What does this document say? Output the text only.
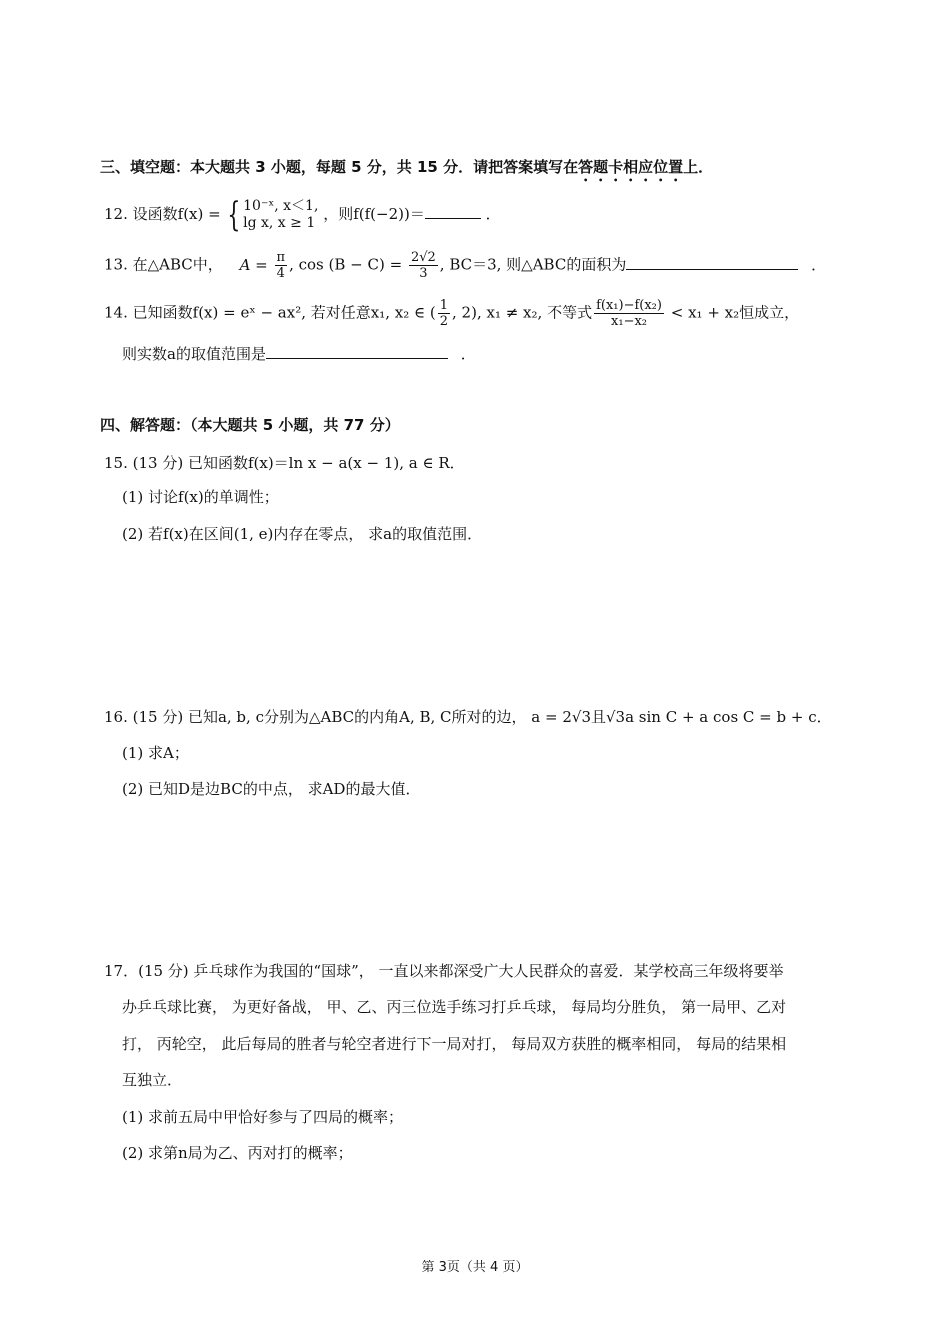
三、填空题：本大题共 3 小题，每题 5 分，共 15 分．请把答案填写在答题卡相应位置上．
12. 设函数f(x) = { 10⁻ˣ, x＜1,
lg x, x ≥ 1 ，则f(f(−2))＝	．
13. 在△ABC中， $A = \frac{\pi}{4}$ , $\cos (B - C) = \frac{2√2}{3}$ , BC＝3, 则△ABC的面积为	．
14. 已知函数f(x) = eˣ − ax², 若对任意x₁, x₂ ∈ ( $\frac{1}{2}$ , 2), x₁ ≠ x₂, 不等式 $\frac{\text{f(x₁)−f(x₂)}}{\text{x₁−x₂}} < x_1 + x_2$恒成立，
则实数a的取值范围是	．
四、解答题：（本大题共 5 小题，共 77 分）
15. (13 分) 已知函数f(x)＝ln x − a(x − 1), a ∈ R．
(1) 讨论f(x)的单调性；
(2) 若f(x)在区间(1, e)内存在零点， 求a的取值范围．
16. (15 分) 已知a, b, c分别为△ABC的内角A, B, C所对的边， a = 2√3且√3a sin C + a cos C = b + c．
(1) 求A；
(2) 已知D是边BC的中点， 求AD的最大值．
17．(15 分) 乒乓球作为我国的“国球”， 一直以来都深受广大人民群众的喜爱．某学校高三年级将要举
办乒乓球比赛， 为更好备战， 甲、乙、丙三位选手练习打乒乓球， 每局均分胜负， 第一局甲、乙对
打， 丙轮空， 此后每局的胜者与轮空者进行下一局对打， 每局双方获胜的概率相同， 每局的结果相
互独立．
(1) 求前五局中甲恰好参与了四局的概率；
(2) 求第n局为乙、丙对打的概率；
第 3页（共 4 页）
